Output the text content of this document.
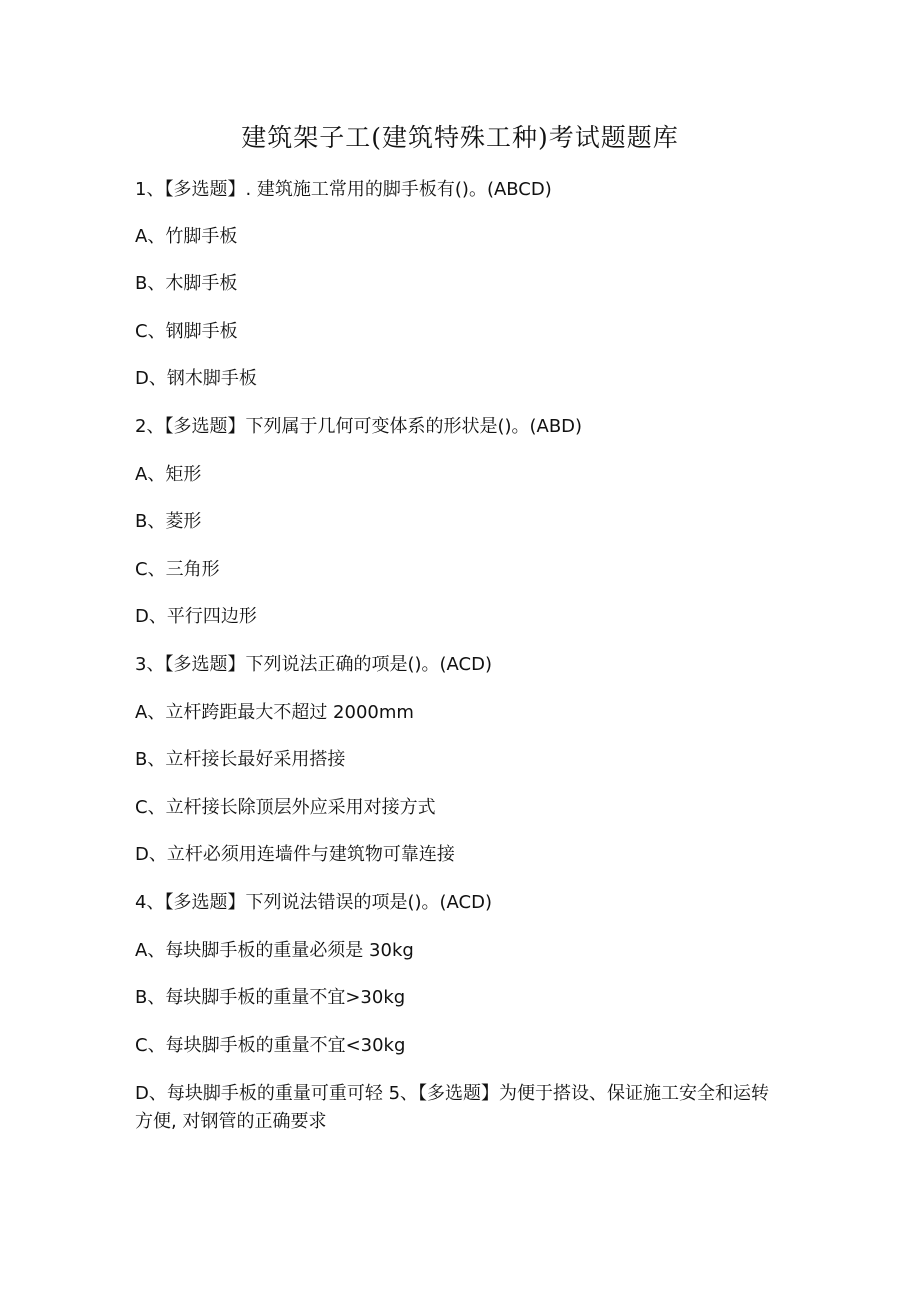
建筑架子工(建筑特殊工种)考试题题库
1、【多选题】. 建筑施工常用的脚手板有()。(ABCD)
A、竹脚手板
B、木脚手板
C、钢脚手板
D、钢木脚手板
2、【多选题】下列属于几何可变体系的形状是()。(ABD)
A、矩形
B、菱形
C、三角形
D、平行四边形
3、【多选题】下列说法正确的项是()。(ACD)
A、立杆跨距最大不超过 2000mm
B、立杆接长最好采用搭接
C、立杆接长除顶层外应采用对接方式
D、立杆必须用连墙件与建筑物可靠连接
4、【多选题】下列说法错误的项是()。(ACD)
A、每块脚手板的重量必须是 30kg
B、每块脚手板的重量不宜>30kg
C、每块脚手板的重量不宜<30kg
D、每块脚手板的重量可重可轻 5、【多选题】为便于搭设、保证施工安全和运转方便, 对钢管的正确要求
